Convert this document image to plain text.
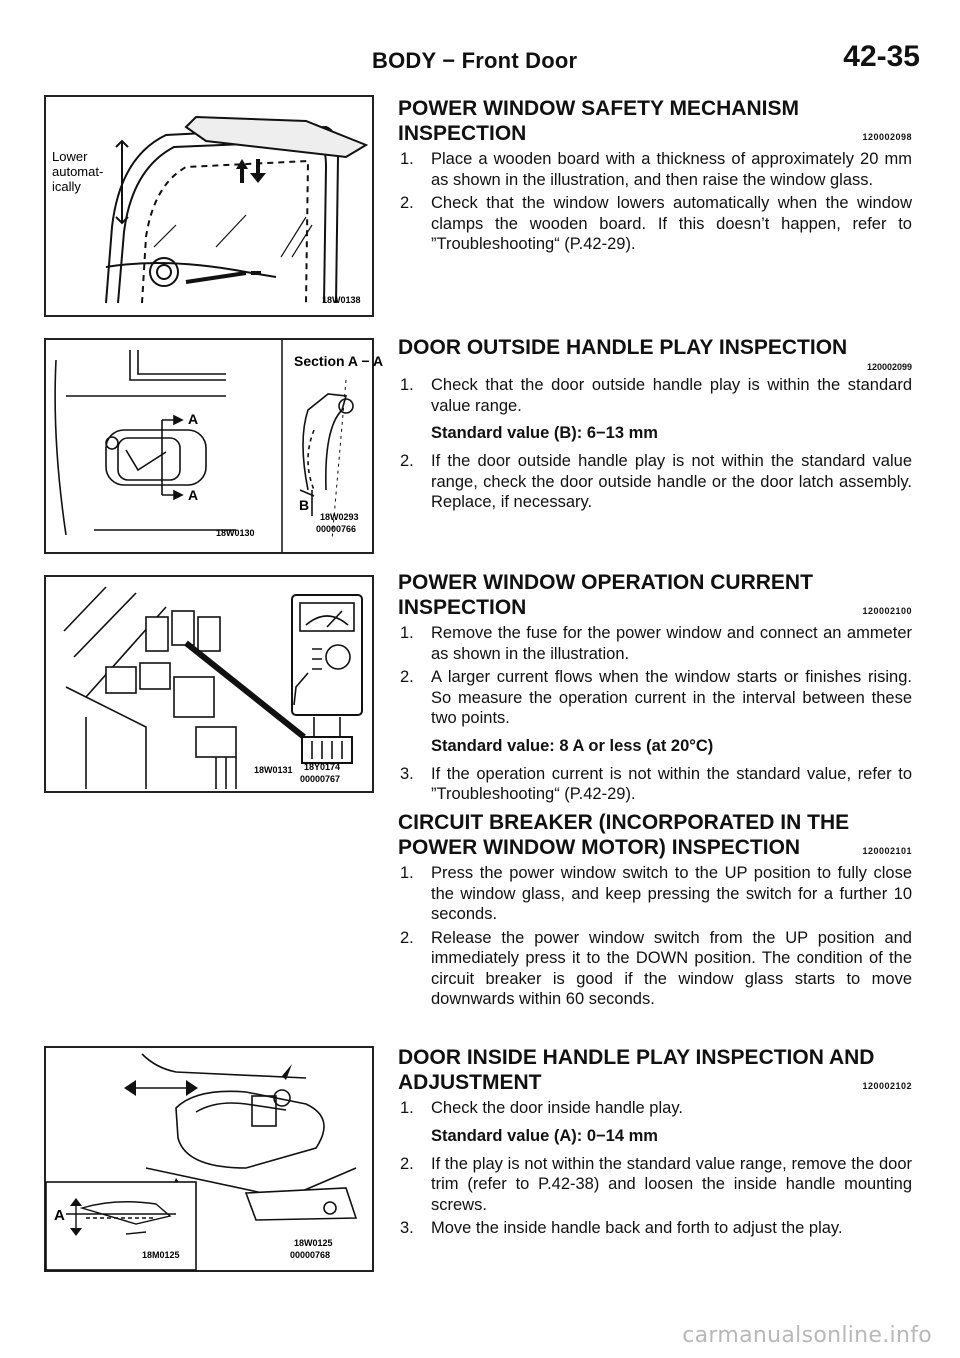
BODY − Front Door	42-35
Lower
automat-
ically
18W0138
Section A − A
A
A
B
18W0130
18W0293
00000766
18W0131 18Y0174
00000767
A
18M0125
18W0125
00000768

POWER WINDOW SAFETY MECHANISM

INSPECTION	120002098
1.	Place a wooden board with a thickness of approximately 20 mm as shown in the illustration, and then raise the window glass.
2.	Check that the window lowers automatically when the window clamps the wooden board. If this doesn’t happen, refer to ”Troubleshooting“ (P.42-29).

DOOR OUTSIDE HANDLE PLAY INSPECTION

120002099
1.	Check that the door outside handle play is within the standard value range.
Standard value (B): 6−13 mm
2.	If the door outside handle play is not within the standard value range, check the door outside handle or the door latch assembly. Replace, if necessary.

POWER WINDOW OPERATION CURRENT

INSPECTION	120002100
1.	Remove the fuse for the power window and connect an ammeter as shown in the illustration.
2.	A larger current flows when the window starts or finishes rising. So measure the operation current in the interval between these two points.
Standard value: 8 A or less (at 20°C)
3.	If the operation current is not within the standard value, refer to ”Troubleshooting“ (P.42-29).

CIRCUIT BREAKER (INCORPORATED IN THE

POWER WINDOW MOTOR) INSPECTION	120002101
1.	Press the power window switch to the UP position to fully close the window glass, and keep pressing the switch for a further 10 seconds.
2.	Release the power window switch from the UP position and immediately press it to the DOWN position. The condition of the circuit breaker is good if the window glass starts to move downwards within 60 seconds.

DOOR INSIDE HANDLE PLAY INSPECTION AND

ADJUSTMENT	120002102
1.	Check the door inside handle play.
Standard value (A): 0−14 mm
2.	If the play is not within the standard value range, remove the door trim (refer to P.42-38) and loosen the inside handle mounting screws.
3.	Move the inside handle back and forth to adjust the play.
carmanualsonline.info
